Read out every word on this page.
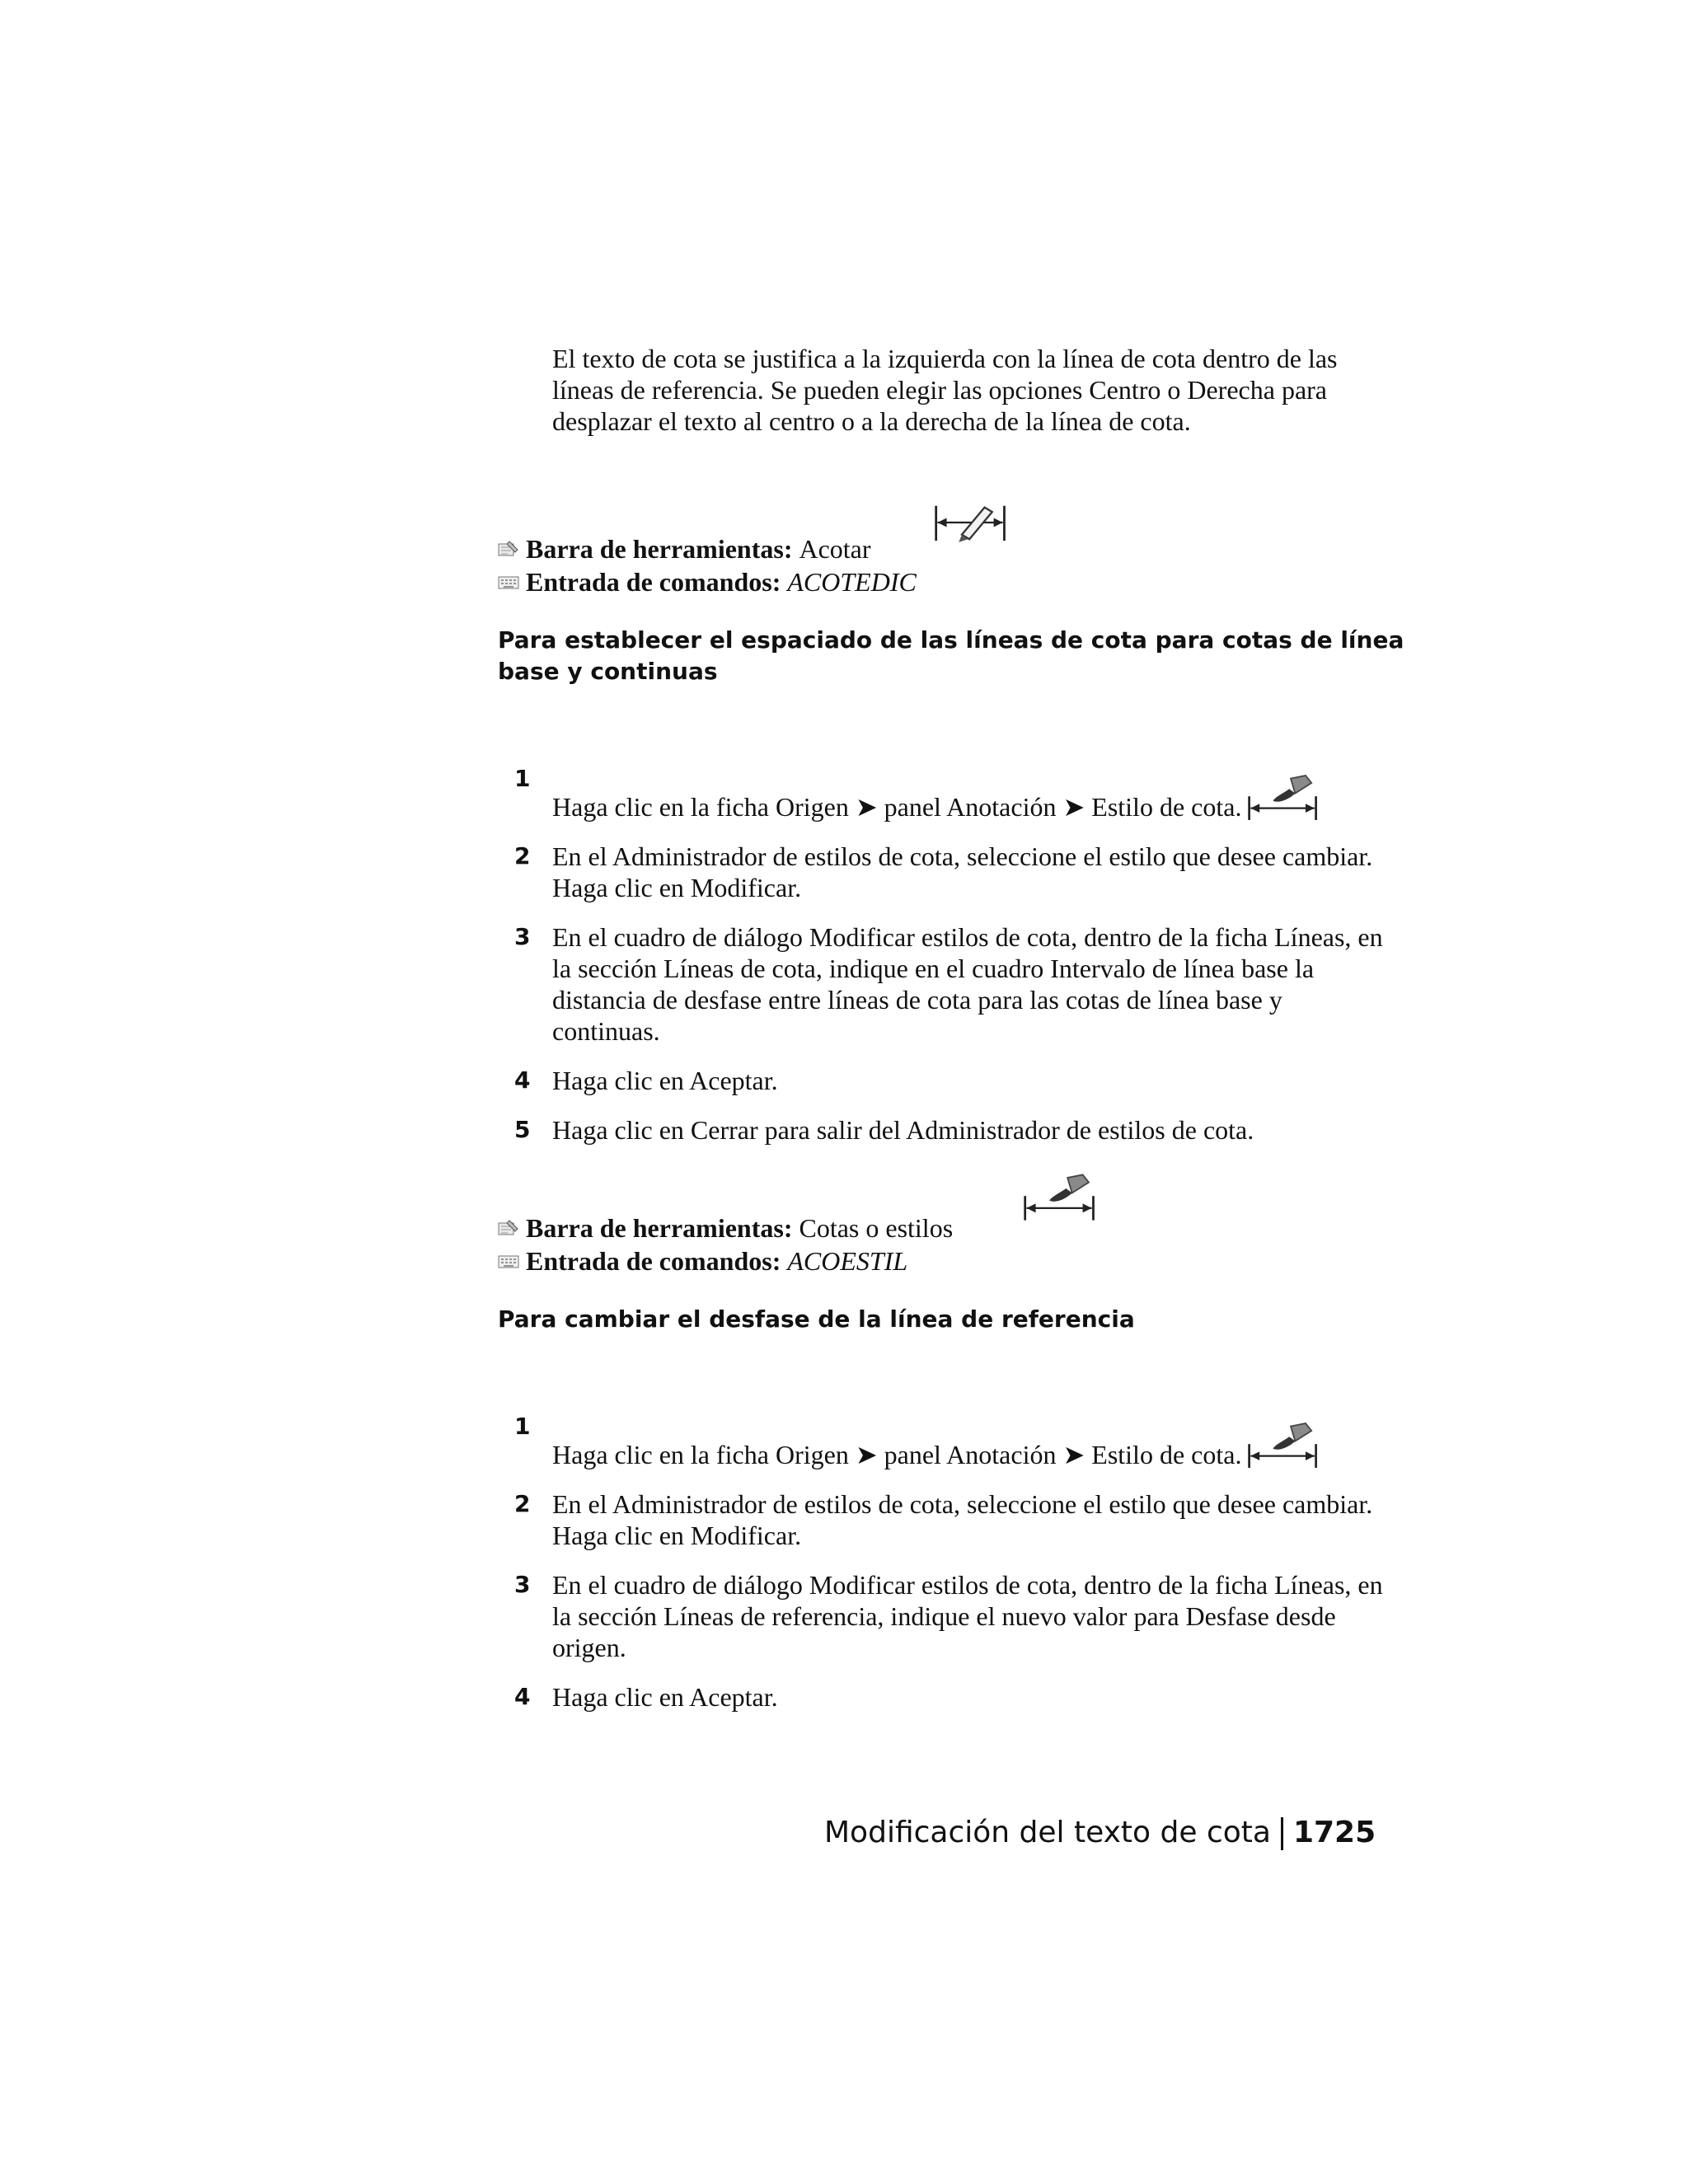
El texto de cota se justifica a la izquierda con la línea de cota dentro de las líneas de referencia. Se pueden elegir las opciones Centro o Derecha para desplazar el texto al centro o a la derecha de la línea de cota.

Barra de herramientas:
Acotar
Entrada de comandos:
ACOTEDIC
Para establecer el espaciado de las líneas de cota para cotas de línea base y continuas
1
Haga clic en la ficha Origen ➤ panel Anotación ➤ Estilo de cota.
2 En el Administrador de estilos de cota, seleccione el estilo que desee cambiar. Haga clic en Modificar.
3 En el cuadro de diálogo Modificar estilos de cota, dentro de la ficha Líneas, en la sección Líneas de cota, indique en el cuadro Intervalo de línea base la distancia de desfase entre líneas de cota para las cotas de línea base y continuas.
4 Haga clic en Aceptar.
5 Haga clic en Cerrar para salir del Administrador de estilos de cota.
Barra de herramientas:
Cotas o estilos
Entrada de comandos:
ACOESTIL
Para cambiar el desfase de la línea de referencia
1
Haga clic en la ficha Origen ➤ panel Anotación ➤ Estilo de cota.
2 En el Administrador de estilos de cota, seleccione el estilo que desee cambiar. Haga clic en Modificar.
3 En el cuadro de diálogo Modificar estilos de cota, dentro de la ficha Líneas, en la sección Líneas de referencia, indique el nuevo valor para Desfase desde origen.
4 Haga clic en Aceptar.
Modificación del texto de cota 1725
